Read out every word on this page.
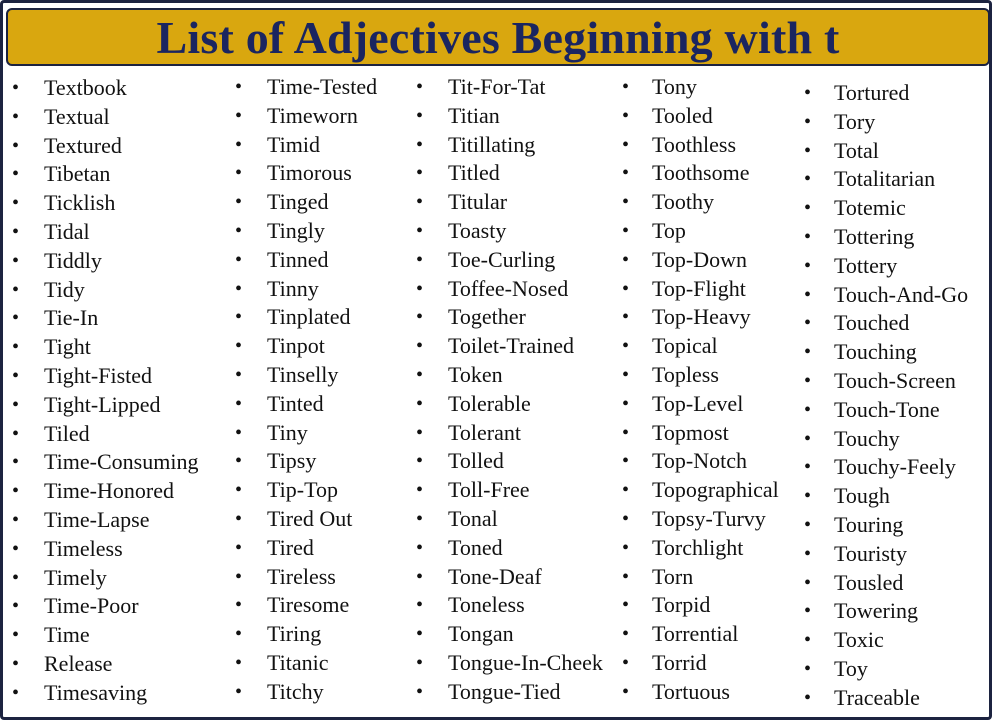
List of Adjectives Beginning with t
• Textbook
• Textual
• Textured
• Tibetan
• Ticklish
• Tidal
• Tiddly
• Tidy
• Tie-In
• Tight
• Tight-Fisted
• Tight-Lipped
• Tiled
• Time-Consuming
• Time-Honored
• Time-Lapse
• Timeless
• Timely
• Time-Poor
• Time
• Release
• Timesaving
• Time-Tested
• Timeworn
• Timid
• Timorous
• Tinged
• Tingly
• Tinned
• Tinny
• Tinplated
• Tinpot
• Tinselly
• Tinted
• Tiny
• Tipsy
• Tip-Top
• Tired Out
• Tired
• Tireless
• Tiresome
• Tiring
• Titanic
• Titchy
• Tit-For-Tat
• Titian
• Titillating
• Titled
• Titular
• Toasty
• Toe-Curling
• Toffee-Nosed
• Together
• Toilet-Trained
• Token
• Tolerable
• Tolerant
• Tolled
• Toll-Free
• Tonal
• Toned
• Tone-Deaf
• Toneless
• Tongan
• Tongue-In-Cheek
• Tongue-Tied
• Tony
• Tooled
• Toothless
• Toothsome
• Toothy
• Top
• Top-Down
• Top-Flight
• Top-Heavy
• Topical
• Topless
• Top-Level
• Topmost
• Top-Notch
• Topographical
• Topsy-Turvy
• Torchlight
• Torn
• Torpid
• Torrential
• Torrid
• Tortuous
• Tortured
• Tory
• Total
• Totalitarian
• Totemic
• Tottering
• Tottery
• Touch-And-Go
• Touched
• Touching
• Touch-Screen
• Touch-Tone
• Touchy
• Touchy-Feely
• Tough
• Touring
• Touristy
• Tousled
• Towering
• Toxic
• Toy
• Traceable
